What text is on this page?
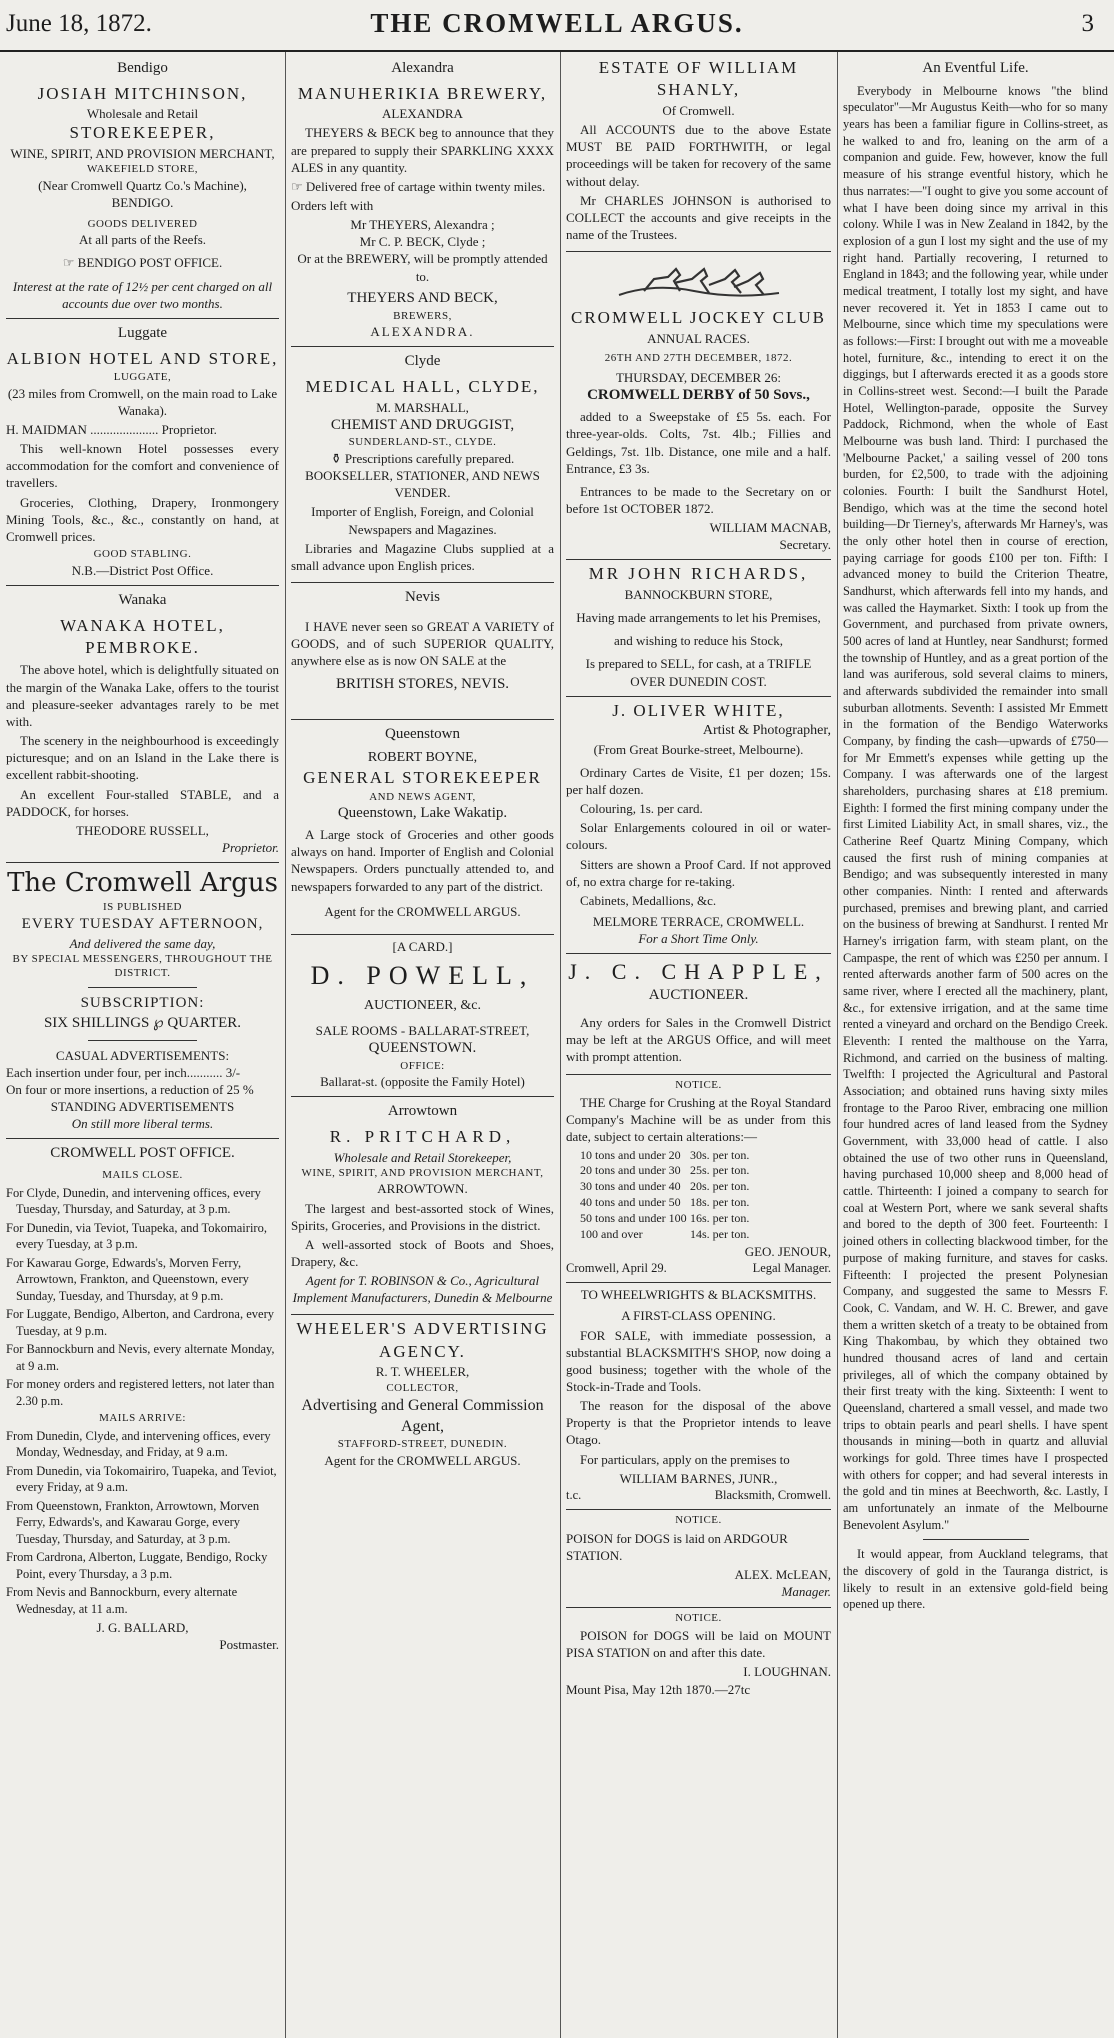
June 18, 1872.	THE CROMWELL ARGUS.	3
Bendigo
JOSIAH MITCHINSON,
Wholesale and Retail
STOREKEEPER,
WINE, SPIRIT, AND PROVISION MERCHANT,
WAKEFIELD STORE,
(Near Cromwell Quartz Co.'s Machine),
BENDIGO.
GOODS DELIVERED
At all parts of the Reefs.
☞ BENDIGO POST OFFICE.
Interest at the rate of 12½ per cent charged on all accounts due over two months.
Luggate
ALBION HOTEL AND STORE,
LUGGATE,
(23 miles from Cromwell, on the main road to Lake Wanaka).

H. MAIDMAN ..................... Proprietor.

This well-known Hotel possesses every accommodation for the comfort and convenience of travellers.

Groceries, Clothing, Drapery, Ironmongery Mining Tools, &c., &c., constantly on hand, at Cromwell prices.

GOOD STABLING.
N.B.—District Post Office.
Wanaka
WANAKA HOTEL, PEMBROKE.

The above hotel, which is delightfully situated on the margin of the Wanaka Lake, offers to the tourist and pleasure-seeker advantages rarely to be met with.

The scenery in the neighbourhood is exceedingly picturesque; and on an Island in the Lake there is excellent rabbit-shooting.

An excellent Four-stalled STABLE, and a PADDOCK, for horses.

THEODORE RUSSELL,
Proprietor.
The Cromwell Argus
IS PUBLISHED
EVERY TUESDAY AFTERNOON,
And delivered the same day,
BY SPECIAL MESSENGERS, THROUGHOUT THE DISTRICT.
SUBSCRIPTION:
SIX SHILLINGS ℘ QUARTER.
CASUAL ADVERTISEMENTS:
Each insertion under four, per inch........... 3/-
On four or more insertions, a reduction of 25 %
STANDING ADVERTISEMENTS
On still more liberal terms.
CROMWELL POST OFFICE.
MAILS CLOSE.

For Clyde, Dunedin, and intervening offices, every Tuesday, Thursday, and Saturday, at 3 p.m.

For Dunedin, via Teviot, Tuapeka, and Tokomairiro, every Tuesday, at 3 p.m.

For Kawarau Gorge, Edwards's, Morven Ferry, Arrowtown, Frankton, and Queenstown, every Sunday, Tuesday, and Thursday, at 9 p.m.

For Luggate, Bendigo, Alberton, and Cardrona, every Tuesday, at 9 p.m.

For Bannockburn and Nevis, every alternate Monday, at 9 a.m.

For money orders and registered letters, not later than 2.30 p.m.

MAILS ARRIVE:

From Dunedin, Clyde, and intervening offices, every Monday, Wednesday, and Friday, at 9 a.m.

From Dunedin, via Tokomairiro, Tuapeka, and Teviot, every Friday, at 9 a.m.

From Queenstown, Frankton, Arrowtown, Morven Ferry, Edwards's, and Kawarau Gorge, every Tuesday, Thursday, and Saturday, at 3 p.m.

From Cardrona, Alberton, Luggate, Bendigo, Rocky Point, every Thursday, a 3 p.m.

From Nevis and Bannockburn, every alternate Wednesday, at 11 a.m.

J. G. BALLARD,
Postmaster.
Alexandra
MANUHERIKIA BREWERY,
ALEXANDRA

THEYERS & BECK beg to announce that they are prepared to supply their SPARKLING XXXX ALES in any quantity.

☞ Delivered free of cartage within twenty miles.

Orders left with

Mr THEYERS, Alexandra ;
Mr C. P. BECK, Clyde ;
Or at the BREWERY, will be promptly attended to.
THEYERS AND BECK,
BREWERS,
ALEXANDRA.
Clyde
MEDICAL HALL, CLYDE,
M. MARSHALL,
CHEMIST AND DRUGGIST,
SUNDERLAND-ST., CLYDE.
⚱ Prescriptions carefully prepared.
BOOKSELLER, STATIONER, AND NEWS VENDER.

Importer of English, Foreign, and Colonial Newspapers and Magazines.

Libraries and Magazine Clubs supplied at a small advance upon English prices.

Nevis

I HAVE never seen so GREAT A VARIETY of GOODS, and of such SUPERIOR QUALITY, anywhere else as is now ON SALE at the

BRITISH STORES, NEVIS.
Queenstown
ROBERT BOYNE,
GENERAL STOREKEEPER
AND NEWS AGENT,
Queenstown, Lake Wakatip.

A Large stock of Groceries and other goods always on hand. Importer of English and Colonial Newspapers. Orders punctually attended to, and newspapers forwarded to any part of the district.

Agent for the CROMWELL ARGUS.
[A CARD.]
D. POWELL,
AUCTIONEER, &c.
SALE ROOMS - BALLARAT-STREET,
QUEENSTOWN.
OFFICE:
Ballarat-st. (opposite the Family Hotel)
Arrowtown
R. PRITCHARD,
Wholesale and Retail Storekeeper,
WINE, SPIRIT, AND PROVISION MERCHANT,
ARROWTOWN.

The largest and best-assorted stock of Wines, Spirits, Groceries, and Provisions in the district.

A well-assorted stock of Boots and Shoes, Drapery, &c.

Agent for T. ROBINSON & Co., Agricultural Implement Manufacturers, Dunedin & Melbourne

WHEELER'S ADVERTISING AGENCY.
R. T. WHEELER,
COLLECTOR,
Advertising and General Commission Agent,
STAFFORD-STREET, DUNEDIN.
Agent for the CROMWELL ARGUS.
ESTATE OF WILLIAM SHANLY,
Of Cromwell.

All ACCOUNTS due to the above Estate MUST BE PAID FORTHWITH, or legal proceedings will be taken for recovery of the same without delay.

Mr CHARLES JOHNSON is authorised to COLLECT the accounts and give receipts in the name of the Trustees.

CROMWELL JOCKEY CLUB
ANNUAL RACES.
26TH AND 27TH DECEMBER, 1872.
THURSDAY, DECEMBER 26:
CROMWELL DERBY of 50 Sovs.,

added to a Sweepstake of £5 5s. each. For three-year-olds. Colts, 7st. 4lb.; Fillies and Geldings, 7st. 1lb. Distance, one mile and a half. Entrance, £3 3s.

Entrances to be made to the Secretary on or before 1st OCTOBER 1872.

WILLIAM MACNAB,
Secretary.
MR JOHN RICHARDS,
BANNOCKBURN STORE,
Having made arrangements to let his Premises,
and wishing to reduce his Stock,
Is prepared to SELL, for cash, at a TRIFLE
OVER DUNEDIN COST.
J. OLIVER WHITE,
Artist & Photographer,
(From Great Bourke-street, Melbourne).

Ordinary Cartes de Visite, £1 per dozen; 15s. per half dozen.

Colouring, 1s. per card.

Solar Enlargements coloured in oil or water-colours.

Sitters are shown a Proof Card. If not approved of, no extra charge for re-taking.

Cabinets, Medallions, &c.

MELMORE TERRACE, CROMWELL.
For a Short Time Only.
J. C. CHAPPLE,
AUCTIONEER.

Any orders for Sales in the Cromwell District may be left at the ARGUS Office, and will meet with prompt attention.

NOTICE.

THE Charge for Crushing at the Royal Standard Company's Machine will be as under from this date, subject to certain alterations:—

10 tons and under 20 30s. per ton.
20 tons and under 30 25s. per ton.
30 tons and under 40 20s. per ton.
40 tons and under 50 18s. per ton.
50 tons and under 100 16s. per ton.
100 and over	14s. per ton.
GEO. JENOUR,
Cromwell, April 29.	Legal Manager.
TO WHEELWRIGHTS & BLACKSMITHS.
A FIRST-CLASS OPENING.

FOR SALE, with immediate possession, a substantial BLACKSMITH'S SHOP, now doing a good business; together with the whole of the Stock-in-Trade and Tools.

The reason for the disposal of the above Property is that the Proprietor intends to leave Otago.

For particulars, apply on the premises to

WILLIAM BARNES, JUNR.,
t.c.	Blacksmith, Cromwell.
NOTICE.

POISON for DOGS is laid on ARDGOUR STATION.

ALEX. McLEAN,
Manager.
NOTICE.

POISON for DOGS will be laid on MOUNT PISA STATION on and after this date.

I. LOUGHNAN.
Mount Pisa, May 12th 1870.—27tc
An Eventful Life.

Everybody in Melbourne knows "the blind speculator"—Mr Augustus Keith—who for so many years has been a familiar figure in Collins-street, as he walked to and fro, leaning on the arm of a companion and guide. Few, however, know the full measure of his strange eventful history, which he thus narrates:—"I ought to give you some account of what I have been doing since my arrival in this colony. While I was in New Zealand in 1842, by the explosion of a gun I lost my sight and the use of my right hand. Partially recovering, I returned to England in 1843; and the following year, while under medical treatment, I totally lost my sight, and have never recovered it. Yet in 1853 I came out to Melbourne, since which time my speculations were as follows:—First: I brought out with me a moveable hotel, furniture, &c., intending to erect it on the diggings, but I afterwards erected it as a goods store in Collins-street west. Second:—I built the Parade Hotel, Wellington-parade, opposite the Survey Paddock, Richmond, when the whole of East Melbourne was bush land. Third: I purchased the 'Melbourne Packet,' a sailing vessel of 200 tons burden, for £2,500, to trade with the adjoining colonies. Fourth: I built the Sandhurst Hotel, Bendigo, which was at the time the second hotel building—Dr Tierney's, afterwards Mr Harney's, was the only other hotel then in course of erection, paying carriage for goods £100 per ton. Fifth: I advanced money to build the Criterion Theatre, Sandhurst, which afterwards fell into my hands, and was called the Haymarket. Sixth: I took up from the Government, and purchased from private owners, 500 acres of land at Huntley, near Sandhurst; formed the township of Huntley, and as a great portion of the land was auriferous, sold several claims to miners, and afterwards subdivided the remainder into small suburban allotments. Seventh: I assisted Mr Emmett in the formation of the Bendigo Waterworks Company, by finding the cash—upwards of £750—for Mr Emmett's expenses while getting up the Company. I was afterwards one of the largest shareholders, purchasing shares at £18 premium. Eighth: I formed the first mining company under the first Limited Liability Act, in small shares, viz., the Catherine Reef Quartz Mining Company, which caused the first rush of mining companies at Bendigo; and was subsequently interested in many other companies. Ninth: I rented and afterwards purchased, premises and brewing plant, and carried on the business of brewing at Sandhurst. I rented Mr Harney's irrigation farm, with steam plant, on the Campaspe, the rent of which was £250 per annum. I rented afterwards another farm of 500 acres on the same river, where I erected all the machinery, plant, &c., for extensive irrigation, and at the same time rented a vineyard and orchard on the Bendigo Creek. Eleventh: I rented the malthouse on the Yarra, Richmond, and carried on the business of malting. Twelfth: I projected the Agricultural and Pastoral Association; and obtained runs having sixty miles frontage to the Paroo River, embracing one million four hundred acres of land leased from the Sydney Government, with 33,000 head of cattle. I also obtained the use of two other runs in Queensland, having purchased 10,000 sheep and 8,000 head of cattle. Thirteenth: I joined a company to search for coal at Western Port, where we sank several shafts and bored to the depth of 300 feet. Fourteenth: I joined others in collecting blackwood timber, for the purpose of making furniture, and staves for casks. Fifteenth: I projected the present Polynesian Company, and suggested the same to Messrs F. Cook, C. Vandam, and W. H. C. Brewer, and gave them a written sketch of a treaty to be obtained from King Thakombau, by which they obtained two hundred thousand acres of land and certain privileges, all of which the company obtained by their first treaty with the king. Sixteenth: I went to Queensland, chartered a small vessel, and made two trips to obtain pearls and pearl shells. I have spent thousands in mining—both in quartz and alluvial workings for gold. Three times have I prospected with others for copper; and had several interests in the gold and tin mines at Beechworth, &c. Lastly, I am unfortunately an inmate of the Melbourne Benevolent Asylum."

It would appear, from Auckland telegrams, that the discovery of gold in the Tauranga district, is likely to result in an extensive gold-field being opened up there.
